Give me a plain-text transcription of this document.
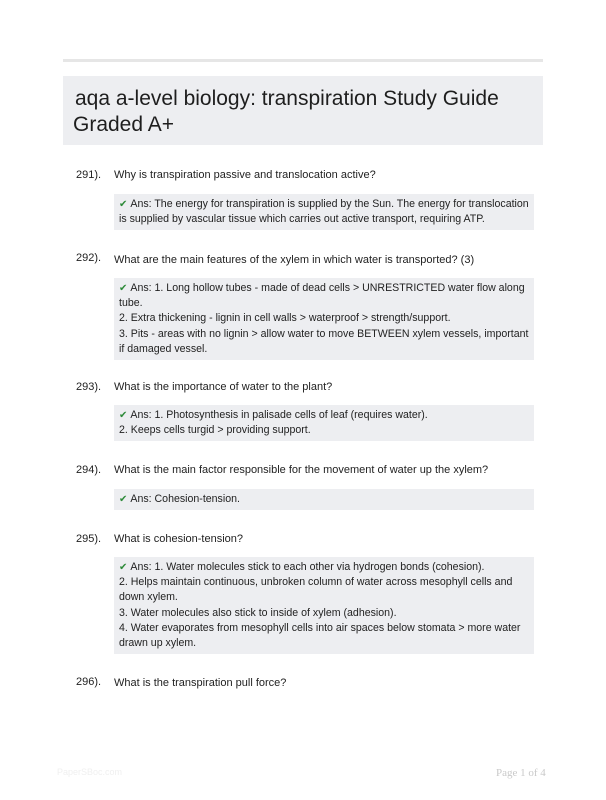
aqa a-level biology: transpiration Study Guide
Graded A+
291). Why is transpiration passive and translocation active?
✔ Ans: The energy for transpiration is supplied by the Sun. The energy for translocation is supplied by vascular tissue which carries out active transport, requiring ATP.
292). What are the main features of the xylem in which water is transported? (3)
✔ Ans: 1. Long hollow tubes - made of dead cells > UNRESTRICTED water flow along tube.
2. Extra thickening - lignin in cell walls > waterproof > strength/support.
3. Pits - areas with no lignin > allow water to move BETWEEN xylem vessels, important if damaged vessel.
293). What is the importance of water to the plant?
✔ Ans: 1. Photosynthesis in palisade cells of leaf (requires water).
2. Keeps cells turgid > providing support.
294). What is the main factor responsible for the movement of water up the xylem?
✔ Ans: Cohesion-tension.
295). What is cohesion-tension?
✔ Ans: 1. Water molecules stick to each other via hydrogen bonds (cohesion).
2. Helps maintain continuous, unbroken column of water across mesophyll cells and down xylem.
3. Water molecules also stick to inside of xylem (adhesion).
4. Water evaporates from mesophyll cells into air spaces below stomata > more water drawn up xylem.
296). What is the transpiration pull force?
PaperSBoc.com	Page 1 of 4
